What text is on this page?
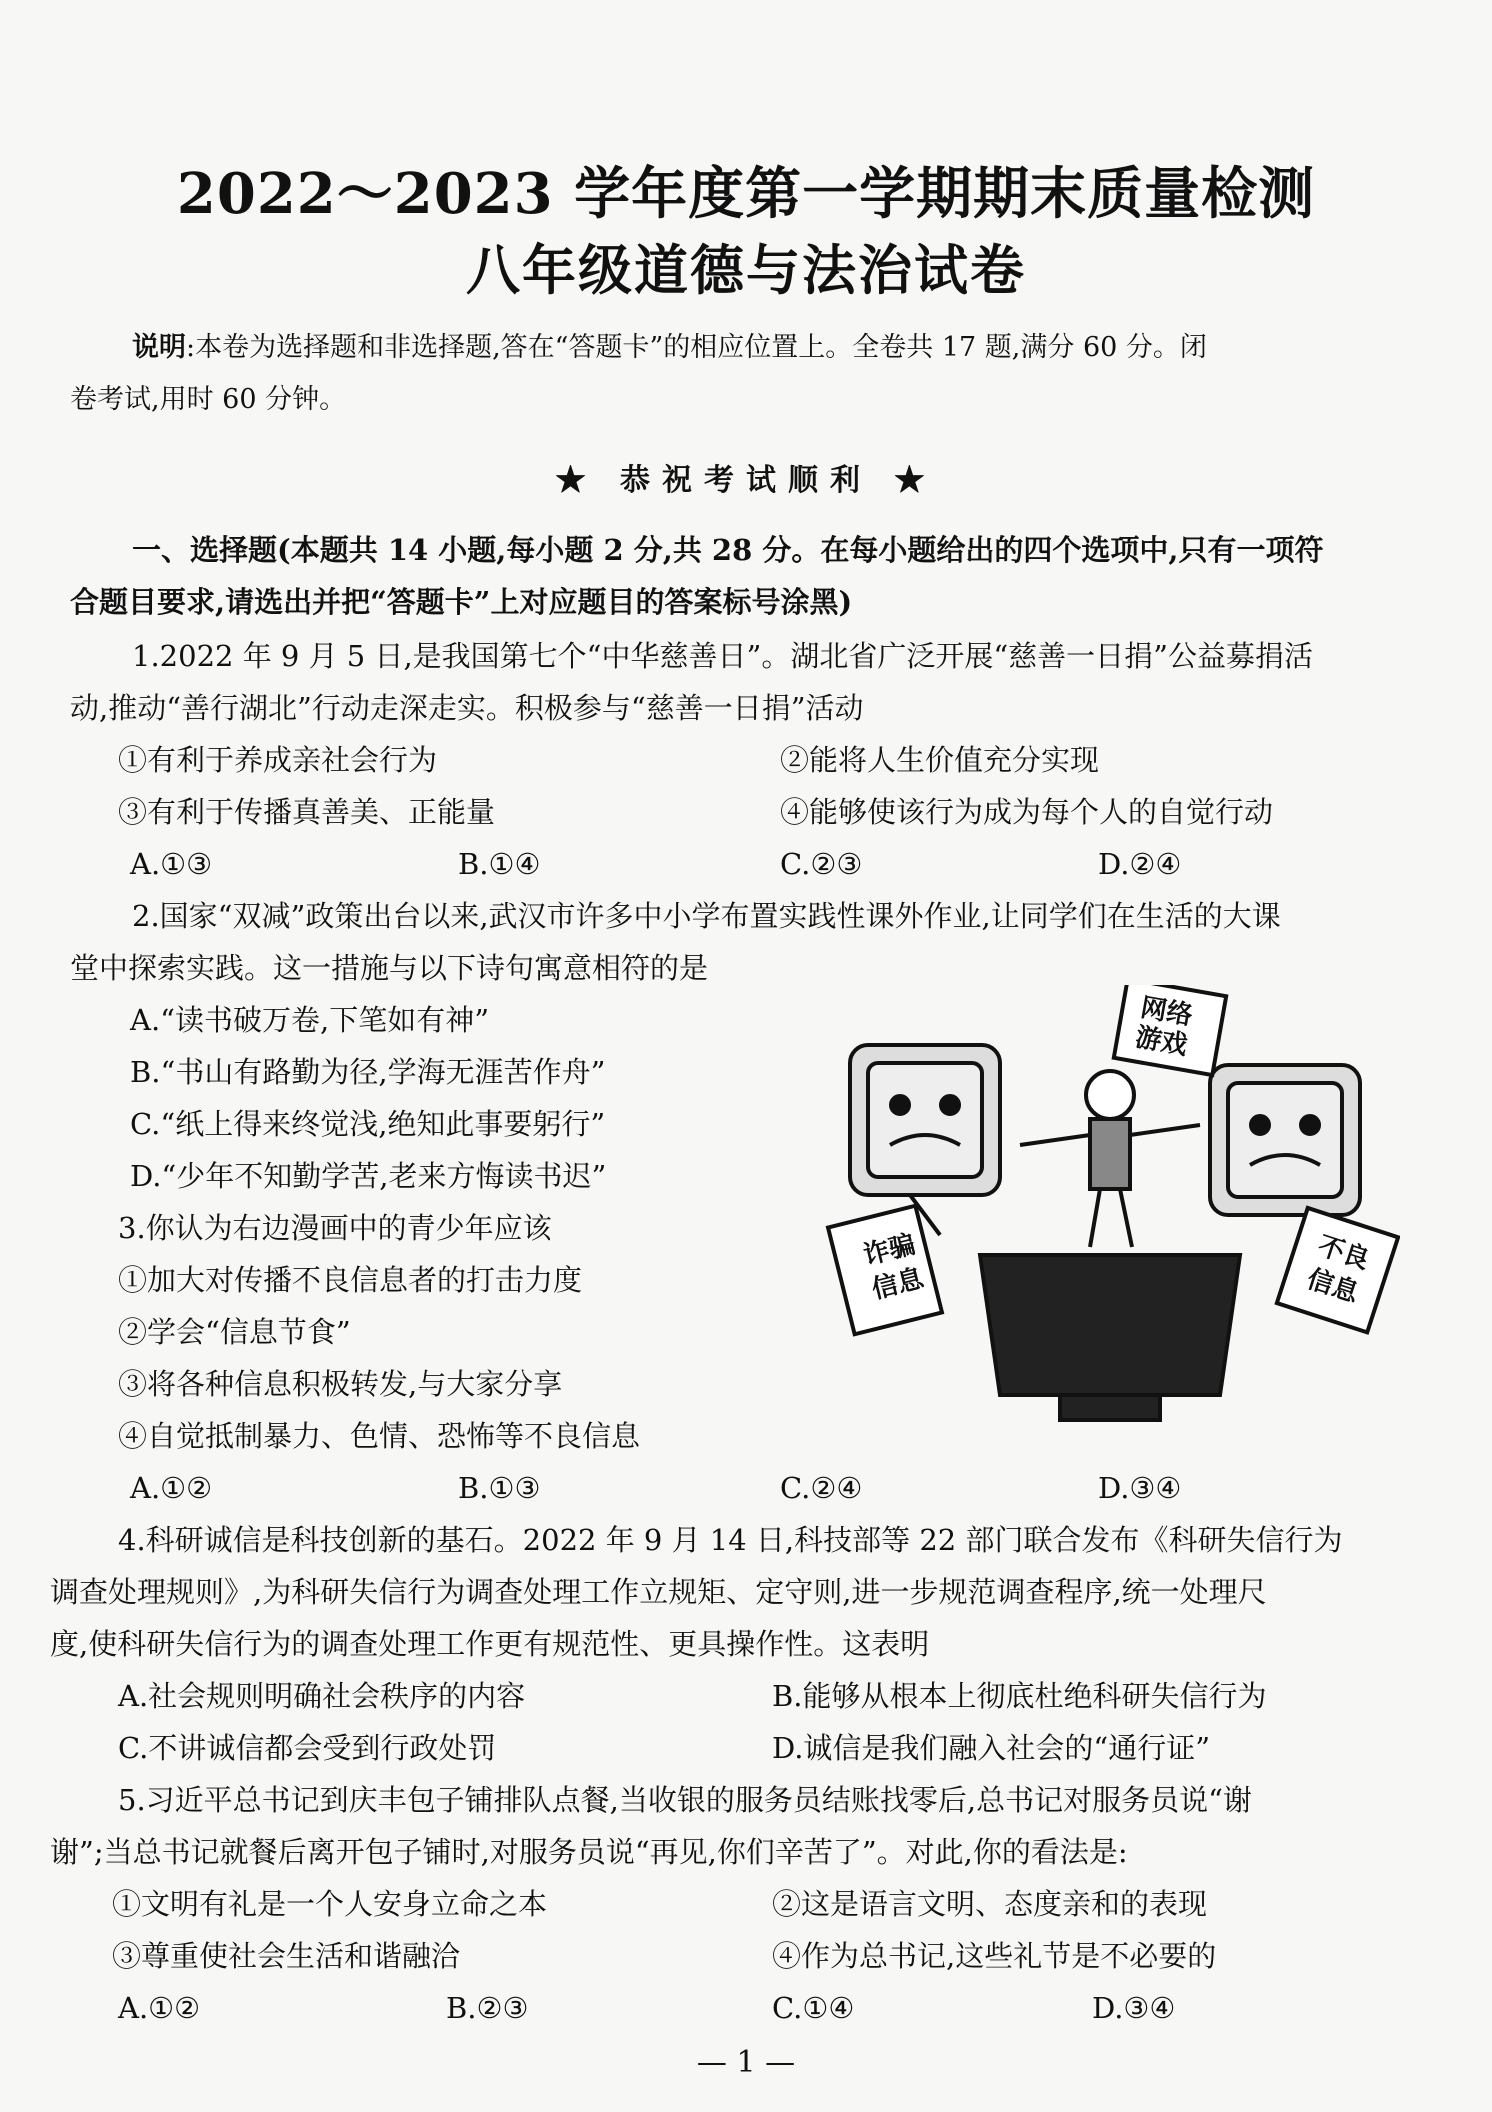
2022～2023 学年度第一学期期末质量检测
八年级道德与法治试卷
说明:本卷为选择题和非选择题,答在“答题卡”的相应位置上。全卷共 17 题,满分 60 分。闭
卷考试,用时 60 分钟。
★ 恭祝考试顺利 ★
一、选择题(本题共 14 小题,每小题 2 分,共 28 分。在每小题给出的四个选项中,只有一项符
合题目要求,请选出并把“答题卡”上对应题目的答案标号涂黑)
1.2022 年 9 月 5 日,是我国第七个“中华慈善日”。湖北省广泛开展“慈善一日捐”公益募捐活
动,推动“善行湖北”行动走深走实。积极参与“慈善一日捐”活动
①有利于养成亲社会行为	②能将人生价值充分实现
③有利于传播真善美、正能量	④能够使该行为成为每个人的自觉行动
A.①③	B.①④	C.②③	D.②④
2.国家“双减”政策出台以来,武汉市许多中小学布置实践性课外作业,让同学们在生活的大课
堂中探索实践。这一措施与以下诗句寓意相符的是
A.“读书破万卷,下笔如有神”
B.“书山有路勤为径,学海无涯苦作舟”
C.“纸上得来终觉浅,绝知此事要躬行”
D.“少年不知勤学苦,老来方悔读书迟”
3.你认为右边漫画中的青少年应该
①加大对传播不良信息者的打击力度
②学会“信息节食”
③将各种信息积极转发,与大家分享
④自觉抵制暴力、色情、恐怖等不良信息
A.①②	B.①③	C.②④	D.③④
网络
游戏
诈骗
信息
不良
信息
4.科研诚信是科技创新的基石。2022 年 9 月 14 日,科技部等 22 部门联合发布《科研失信行为
调查处理规则》,为科研失信行为调查处理工作立规矩、定守则,进一步规范调查程序,统一处理尺
度,使科研失信行为的调查处理工作更有规范性、更具操作性。这表明
A.社会规则明确社会秩序的内容	B.能够从根本上彻底杜绝科研失信行为
C.不讲诚信都会受到行政处罚	D.诚信是我们融入社会的“通行证”
5.习近平总书记到庆丰包子铺排队点餐,当收银的服务员结账找零后,总书记对服务员说“谢
谢”;当总书记就餐后离开包子铺时,对服务员说“再见,你们辛苦了”。对此,你的看法是:
①文明有礼是一个人安身立命之本	②这是语言文明、态度亲和的表现
③尊重使社会生活和谐融洽	④作为总书记,这些礼节是不必要的
A.①②	B.②③	C.①④	D.③④
— 1 —
